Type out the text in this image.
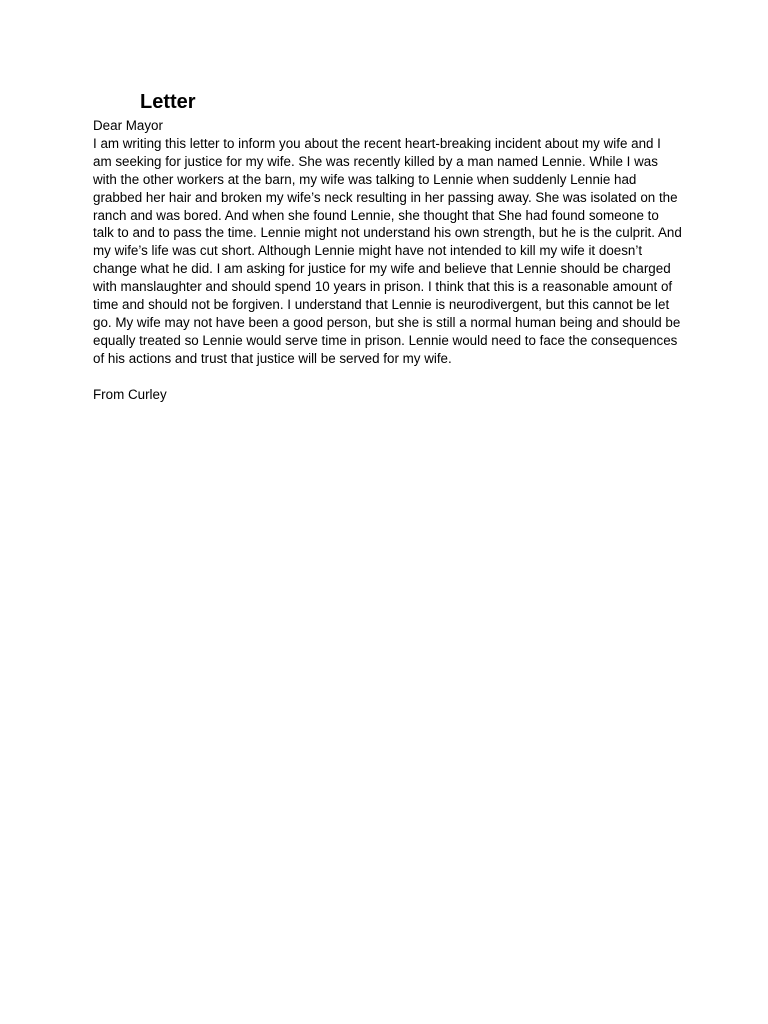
Letter

Dear Mayor

I am writing this letter to inform you about the recent heart-breaking incident about my wife and I am seeking for justice for my wife. She was recently killed by a man named Lennie. While I was with the other workers at the barn, my wife was talking to Lennie when suddenly Lennie had grabbed her hair and broken my wife’s neck resulting in her passing away. She was isolated on the ranch and was bored. And when she found Lennie, she thought that She had found someone to talk to and to pass the time. Lennie might not understand his own strength, but he is the culprit. And my wife’s life was cut short. Although Lennie might have not intended to kill my wife it doesn’t change what he did. I am asking for justice for my wife and believe that Lennie should be charged with manslaughter and should spend 10 years in prison. I think that this is a reasonable amount of time and should not be forgiven. I understand that Lennie is neurodivergent, but this cannot be let go. My wife may not have been a good person, but she is still a normal human being and should be equally treated so Lennie would serve time in prison. Lennie would need to face the consequences of his actions and trust that justice will be served for my wife.

From Curley
